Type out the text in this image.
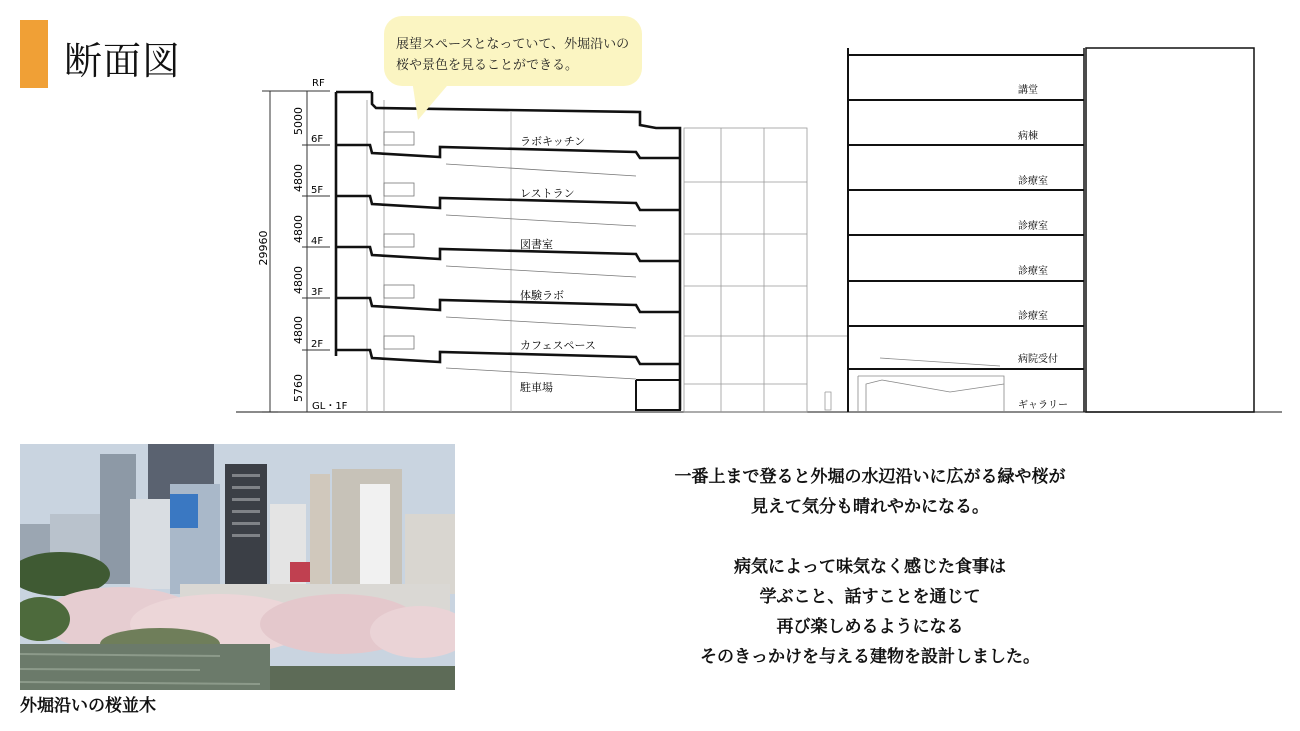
断面図
29960
5000
4800
4800
4800
4800
5760
RF
6F
5F
4F
3F
2F
GL・1F
ラボキッチン
レストラン
図書室
体験ラボ
カフェスペース
駐車場
講堂
病棟
診療室
診療室
診療室
診療室
病院受付
ギャラリー
展望スペースとなっていて、外堀沿いの
桜や景色を見ることができる。
外堀沿いの桜並木

一番上まで登ると外堀の水辺沿いに広がる緑や桜が

見えて気分も晴れやかになる。

病気によって味気なく感じた食事は

学ぶこと、話すことを通じて

再び楽しめるようになる

そのきっかけを与える建物を設計しました。
